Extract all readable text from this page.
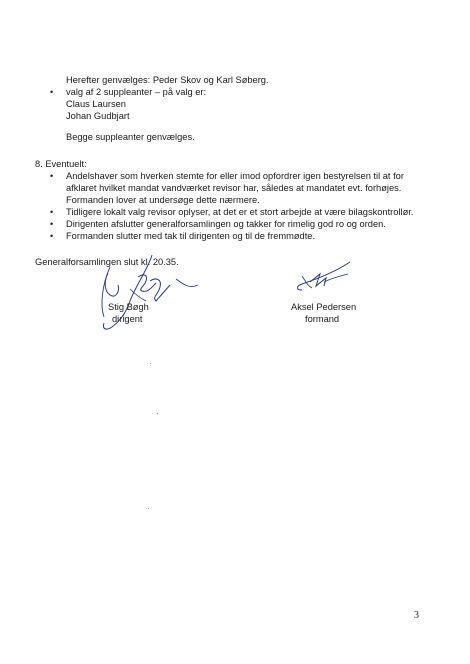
Herefter genvælges: Peder Skov og Karl Søberg.
• valg af 2 suppleanter – på valg er:
Claus Laursen
Johan Gudbjart
Begge suppleanter genvælges.
8. Eventuelt:
• Andelshaver som hverken stemte for eller imod opfordrer igen bestyrelsen til at for
afklaret hvilket mandat vandværket revisor har, således at mandatet evt. forhøjes.
Formanden lover at undersøge dette nærmere.
• Tidligere lokalt valg revisor oplyser, at det er et stort arbejde at være bilagskontrollør.
• Dirigenten afslutter generalforsamlingen og takker for rimelig god ro og orden.
• Formanden slutter med tak til dirigenten og til de fremmødte.
Generalforsamlingen slut kl. 20.35.
Stig Bøgh
dirigent
Aksel Pedersen
formand
3
